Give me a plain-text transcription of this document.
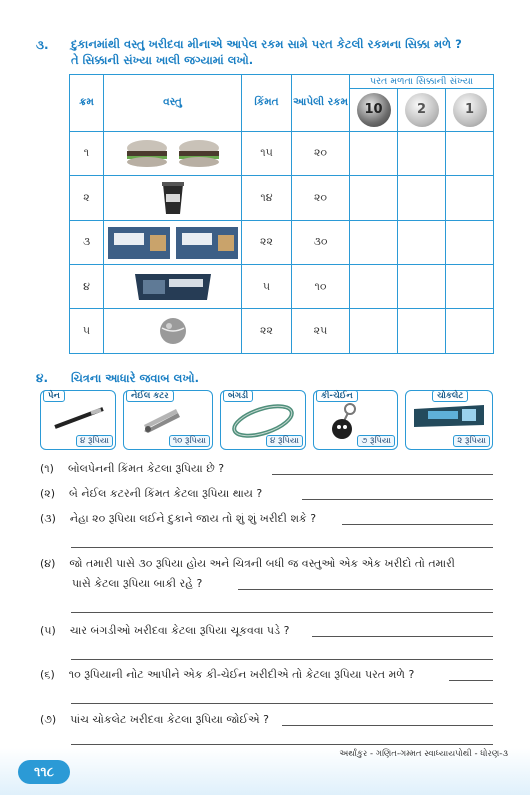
૩. દુકાનમાંથી વસ્તુ ખરીદવા મીનાએ આપેલ રકમ સામે પરત કેટલી રકમના સિક્કા મળે ?
તે સિક્કાની સંખ્યા ખાલી જગ્યામાં લખો.
ક્રમ	વસ્તુ	કિંમત	આપેલી રકમ	પરત મળતા સિક્કાની સંખ્યા		

10	2	1

૧		૧૫	૨૦			
૨		૧૪	૨૦			
૩		૨૨	૩૦			
૪		૫	૧૦			
૫		૨૨	૨૫			
૪. ચિત્રના આધારે જવાબ લખો.
પેન
૪ રૂપિયા
નેઈલ કટર
૧૦ રૂપિયા
બંગડી
૪ રૂપિયા
કી-ચેઈન
૭ રૂપિયા
ચોકલેટ
૨ રૂપિયા
(૧) બોલપેનની કિંમત કેટલા રૂપિયા છે ?
(૨) બે નેઈલ કટરની કિંમત કેટલા રૂપિયા થાય ?
(૩) નેહા ૨૦ રૂપિયા લઈને દુકાને જાય તો શું શું ખરીદી શકે ?
(૪) જો તમારી પાસે ૩૦ રૂપિયા હોય અને ચિત્રની બધી જ વસ્તુઓ એક એક ખરીદો તો તમારી
પાસે કેટલા રૂપિયા બાકી રહે ?
(૫) ચાર બંગડીઓ ખરીદવા કેટલા રૂપિયા ચૂકવવા પડે ?
(૬) ૧૦ રૂપિયાની નોટ આપીને એક કી-ચેઈન ખરીદીએ તો કેટલા રૂપિયા પરત મળે ?
(૭) પાંચ ચોકલેટ ખરીદવા કેટલા રૂપિયા જોઈએ ?
૧૧૮
અર્થાંકુર - ગણિત-ગમ્મત સ્વાધ્યાયપોથી - ધોરણ-૩
